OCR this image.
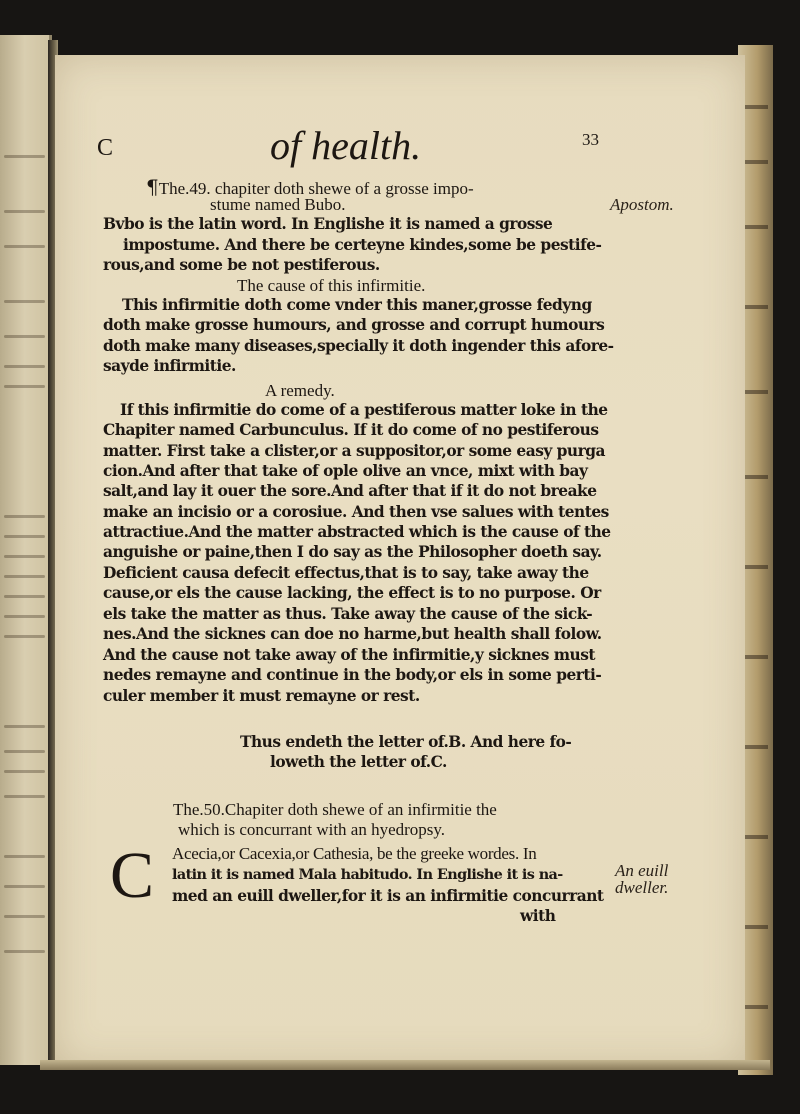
C	of health.	33
¶The.49. chapiter doth shewe of a grosse impo-
stume named Bubo.	Apostom.
Bvbo is the latin word. In Englishe it is named a grosse
impostume. And there be certeyne kindes,some be pestife-
rous,and some be not pestiferous.
The cause of this infirmitie.
This infirmitie doth come vnder this maner,grosse fedyng
doth make grosse humours, and grosse and corrupt humours
doth make many diseases,specially it doth ingender this afore-
sayde infirmitie.
A remedy.
If this infirmitie do come of a pestiferous matter loke in the
Chapiter named Carbunculus. If it do come of no pestiferous
matter. First take a clister,or a suppositor,or some easy purga
cion.And after that take of ople olive an vnce, mixt with bay
salt,and lay it ouer the sore.And after that if it do not breake
make an incisio or a corosiue. And then vse salues with tentes
attractiue.And the matter abstracted which is the cause of the
anguishe or paine,then I do say as the Philosopher doeth say.
Deficient causa defecit effectus,that is to say, take away the
cause,or els the cause lacking, the effect is to no purpose. Or
els take the matter as thus. Take away the cause of the sick-
nes.And the sicknes can doe no harme,but health shall folow.
And the cause not take away of the infirmitie,y sicknes must
nedes remayne and continue in the body,or els in some perti-
culer member it must remayne or rest.
Thus endeth the letter of.B. And here fo-
loweth the letter of.C.
The.50.Chapiter doth shewe of an infirmitie the
which is concurrant with an hyedropsy.
C Acecia,or Cacexia,or Cathesia, be the greeke wordes. In
latin it is named Mala habitudo. In Englishe it is na-
med an euill dweller,for it is an infirmitie concurrant
with
An euill dweller.
